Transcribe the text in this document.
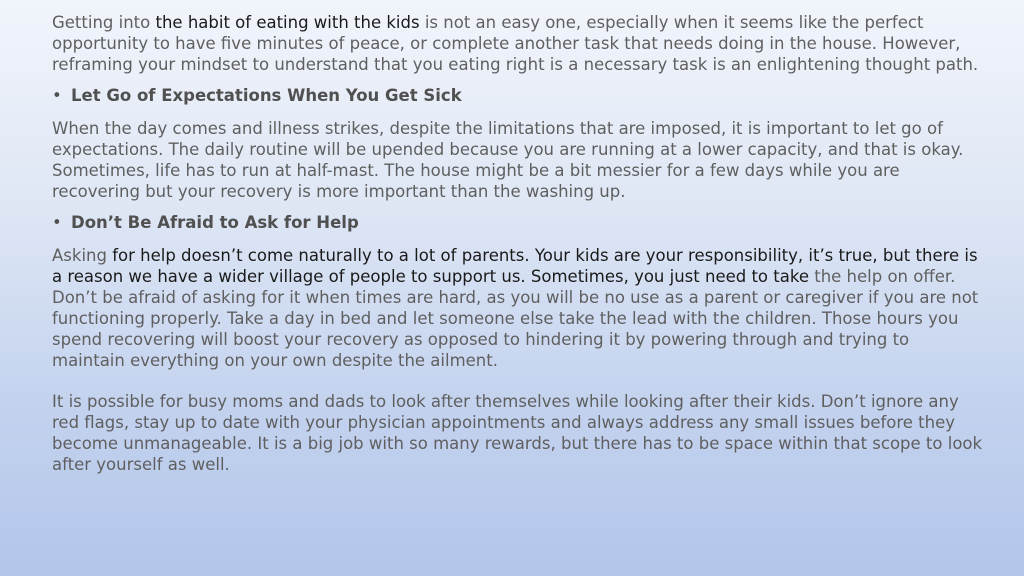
Getting into the habit of eating with the kids is not an easy one, especially when it seems like the perfect opportunity to have five minutes of peace, or complete another task that needs doing in the house. However, reframing your mindset to understand that you eating right is a necessary task is an enlightening thought path.

• Let Go of Expectations When You Get Sick

When the day comes and illness strikes, despite the limitations that are imposed, it is important to let go of expectations. The daily routine will be upended because you are running at a lower capacity, and that is okay. Sometimes, life has to run at half-mast. The house might be a bit messier for a few days while you are recovering but your recovery is more important than the washing up.

• Don’t Be Afraid to Ask for Help

Asking for help doesn’t come naturally to a lot of parents. Your kids are your responsibility, it’s true, but there is a reason we have a wider village of people to support us. Sometimes, you just need to take the help on offer. Don’t be afraid of asking for it when times are hard, as you will be no use as a parent or caregiver if you are not functioning properly. Take a day in bed and let someone else take the lead with the children. Those hours you spend recovering will boost your recovery as opposed to hindering it by powering through and trying to maintain everything on your own despite the ailment.

It is possible for busy moms and dads to look after themselves while looking after their kids. Don’t ignore any red flags, stay up to date with your physician appointments and always address any small issues before they become unmanageable. It is a big job with so many rewards, but there has to be space within that scope to look after yourself as well.
